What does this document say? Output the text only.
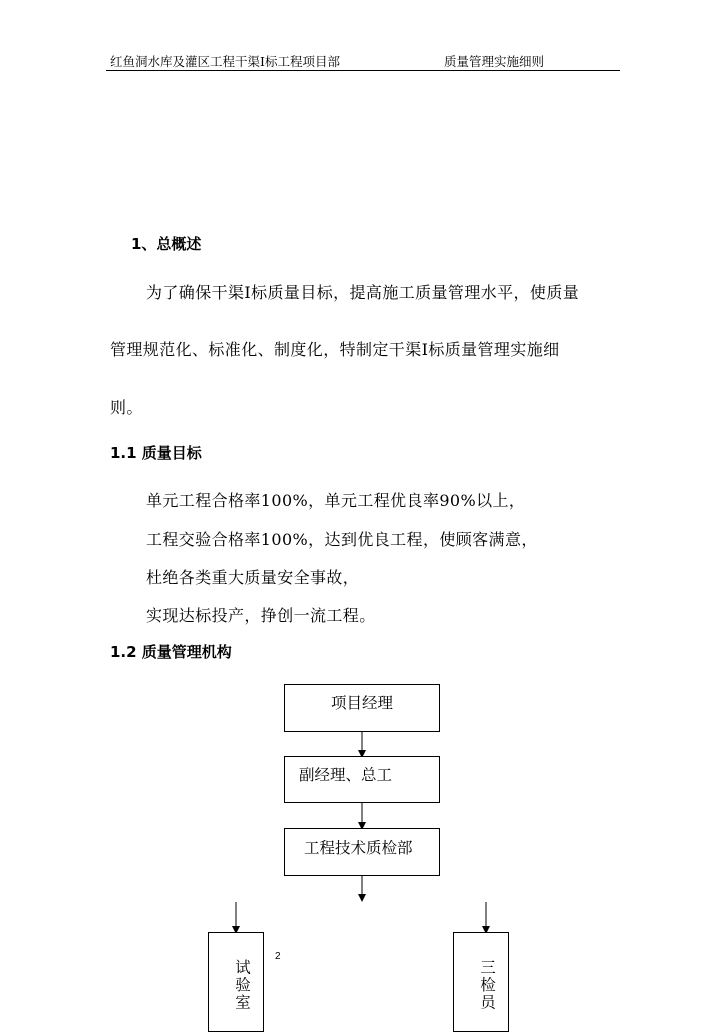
红鱼洞水库及灌区工程干渠Ⅰ标工程项目部	质量管理实施细则
1、总概述
为了确保干渠Ⅰ标质量目标，提高施工质量管理水平，使质量
管理规范化、标准化、制度化，特制定干渠Ⅰ标质量管理实施细
则。
1.1 质量目标
单元工程合格率100%，单元工程优良率90%以上，
工程交验合格率100%，达到优良工程，使顾客满意，
杜绝各类重大质量安全事故，
实现达标投产，挣创一流工程。
1.2 质量管理机构
项目经理
副经理、总工
工程技术质检部
试验室	三检员
2
